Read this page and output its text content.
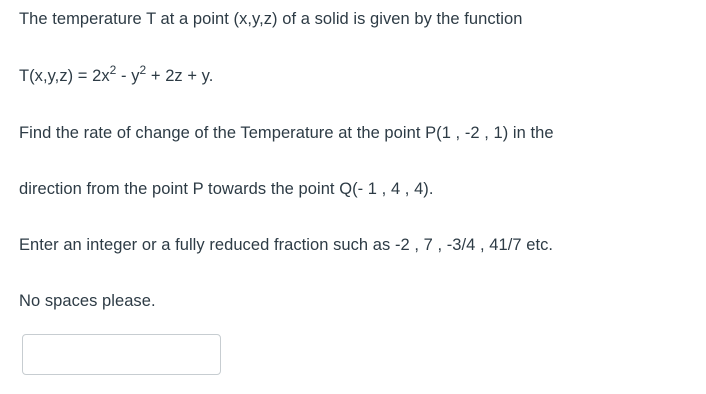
The temperature T at a point (x,y,z) of a solid is given by the function
$T(x,y,z) = 2x^2 - y^2 + 2z + y$.
Find the rate of change of the Temperature at the point P(1 , -2 , 1) in the
direction from the point P towards the point Q(- 1 , 4 , 4).
Enter an integer or a fully reduced fraction such as -2 , 7 , -3/4 , 41/7 etc.
No spaces please.
